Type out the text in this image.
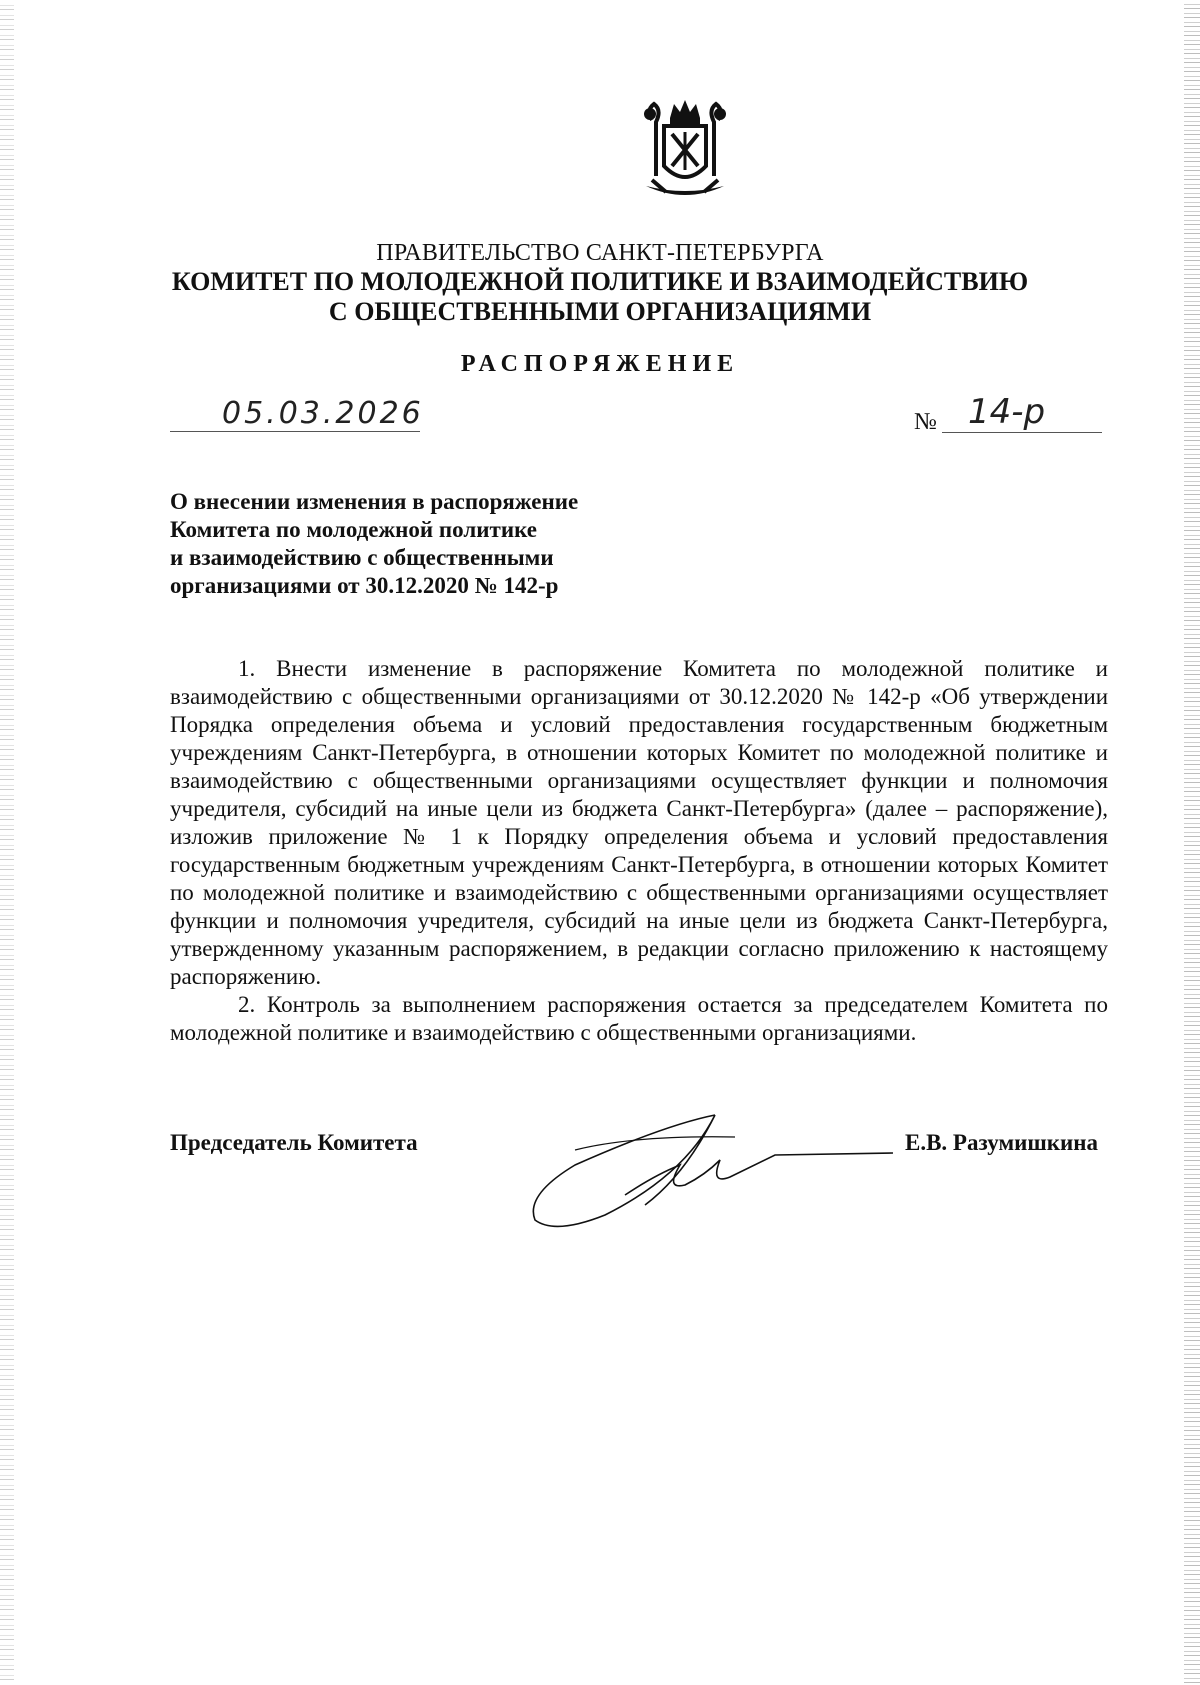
ПРАВИТЕЛЬСТВО САНКТ-ПЕТЕРБУРГА
КОМИТЕТ ПО МОЛОДЕЖНОЙ ПОЛИТИКЕ И ВЗАИМОДЕЙСТВИЮ
С ОБЩЕСТВЕННЫМИ ОРГАНИЗАЦИЯМИ
РАСПОРЯЖЕНИЕ
05.03.2026	№ 14-р
О внесении изменения в распоряжение
Комитета по молодежной политике
и взаимодействию с общественными
организациями от 30.12.2020 № 142-р

1. Внести изменение в распоряжение Комитета по молодежной политике и взаимодействию с общественными организациями от 30.12.2020 № 142-р «Об утверждении Порядка определения объема и условий предоставления государственным бюджетным учреждениям Санкт-Петербурга, в отношении которых Комитет по молодежной политике и взаимодействию с общественными организациями осуществляет функции и полномочия учредителя, субсидий на иные цели из бюджета Санкт-Петербурга» (далее – распоряжение), изложив приложение № 1 к Порядку определения объема и условий предоставления государственным бюджетным учреждениям Санкт-Петербурга, в отношении которых Комитет по молодежной политике и взаимодействию с общественными организациями осуществляет функции и полномочия учредителя, субсидий на иные цели из бюджета Санкт-Петербурга, утвержденному указанным распоряжением, в редакции согласно приложению к настоящему распоряжению.

2. Контроль за выполнением распоряжения остается за председателем Комитета по молодежной политике и взаимодействию с общественными организациями.

Председатель Комитета	Е.В. Разумишкина
